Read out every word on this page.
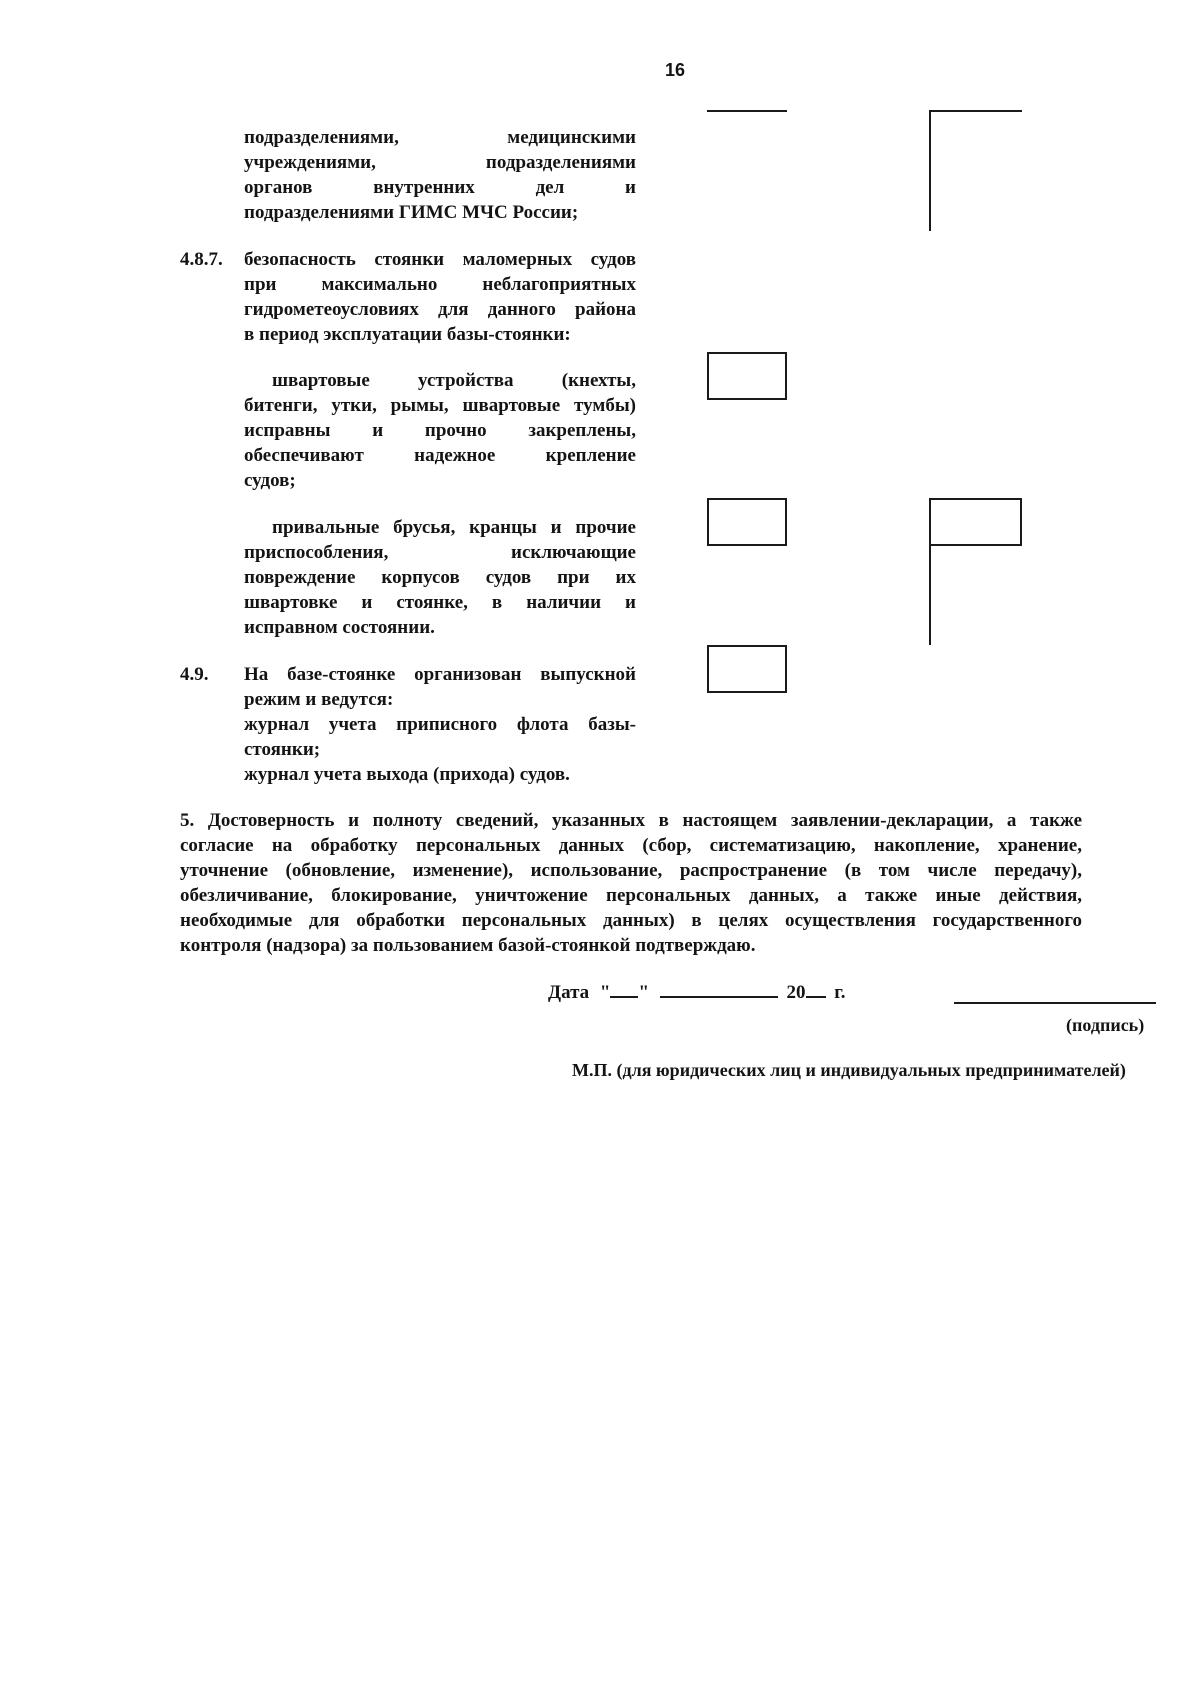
16
подразделениями, медицинскими
учреждениями, подразделениями
органов внутренних дел и
подразделениями ГИМС МЧС России;
4.8.7.	безопасность стоянки маломерных судов
при максимально неблагоприятных
гидрометеоусловиях для данного района
в период эксплуатации базы-стоянки:
швартовые устройства (кнехты,
битенги, утки, рымы, швартовые тумбы)
исправны и прочно закреплены,
обеспечивают надежное крепление
судов;
привальные брусья, кранцы и прочие
приспособления, исключающие
повреждение корпусов судов при их
швартовке и стоянке, в наличии и
исправном состоянии.
4.9.	На базе-стоянке организован выпускной
режим и ведутся:
журнал учета приписного флота базы-
стоянки;
журнал учета выхода (прихода) судов.
5. Достоверность и полноту сведений, указанных в настоящем заявлении-декларации, а также
согласие на обработку персональных данных (сбор, систематизацию, накопление, хранение,
уточнение (обновление, изменение), использование, распространение (в том числе передачу),
обезличивание, блокирование, уничтожение персональных данных, а также иные действия,
необходимые для обработки персональных данных) в целях осуществления государственного
контроля (надзора) за пользованием базой-стоянкой подтверждаю.
Дата " "	20 г.
(подпись)
М.П. (для юридических лиц и индивидуальных предпринимателей)
